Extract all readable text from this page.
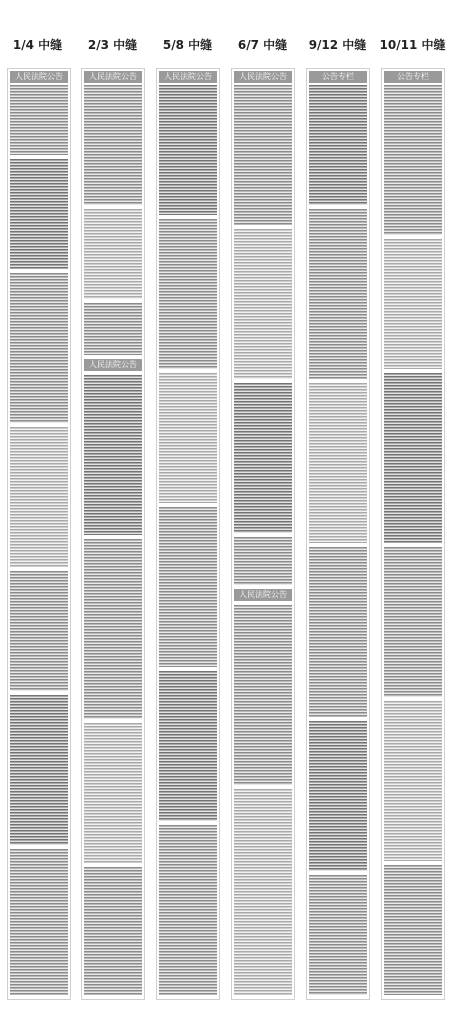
1/4 中缝	2/3 中缝	5/8 中缝	6/7 中缝	9/12 中缝	10/11 中缝
人民法院公告	人民法院公告
人民法院公告
人民法院公告	人民法院公告
人民法院公告
公告专栏	公告专栏
